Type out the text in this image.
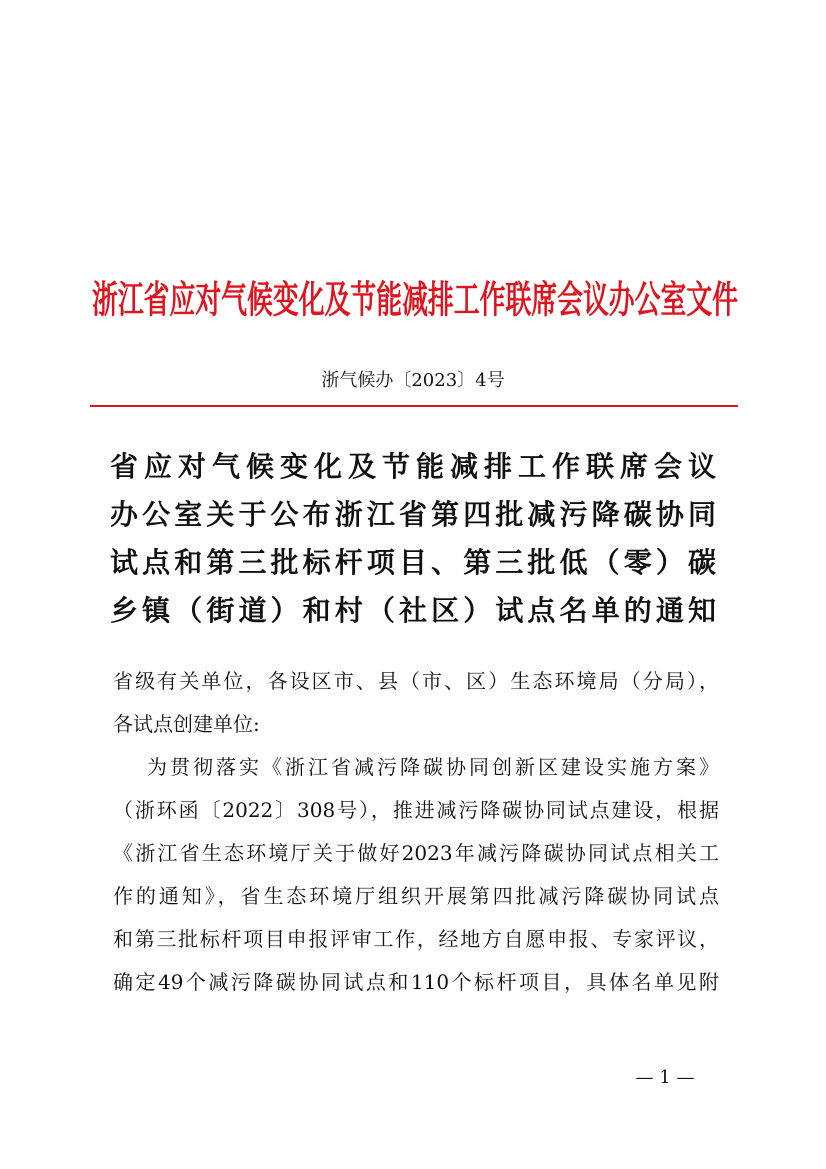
浙江省应对气候变化及节能减排工作联席会议办公室文件
浙气候办〔2023〕4号
省应对气候变化及节能减排工作联席会议
办公室关于公布浙江省第四批减污降碳协同
试点和第三批标杆项目、第三批低（零）碳
乡镇（街道）和村（社区）试点名单的通知
省级有关单位，各设区市、县（市、区）生态环境局（分局），
各试点创建单位:
为贯彻落实《浙江省减污降碳协同创新区建设实施方案》
（浙环函〔2022〕308号），推进减污降碳协同试点建设，根据
《浙江省生态环境厅关于做好2023年减污降碳协同试点相关工
作的通知》，省生态环境厅组织开展第四批减污降碳协同试点
和第三批标杆项目申报评审工作，经地方自愿申报、专家评议，
确定49个减污降碳协同试点和110个标杆项目，具体名单见附
— 1 —
